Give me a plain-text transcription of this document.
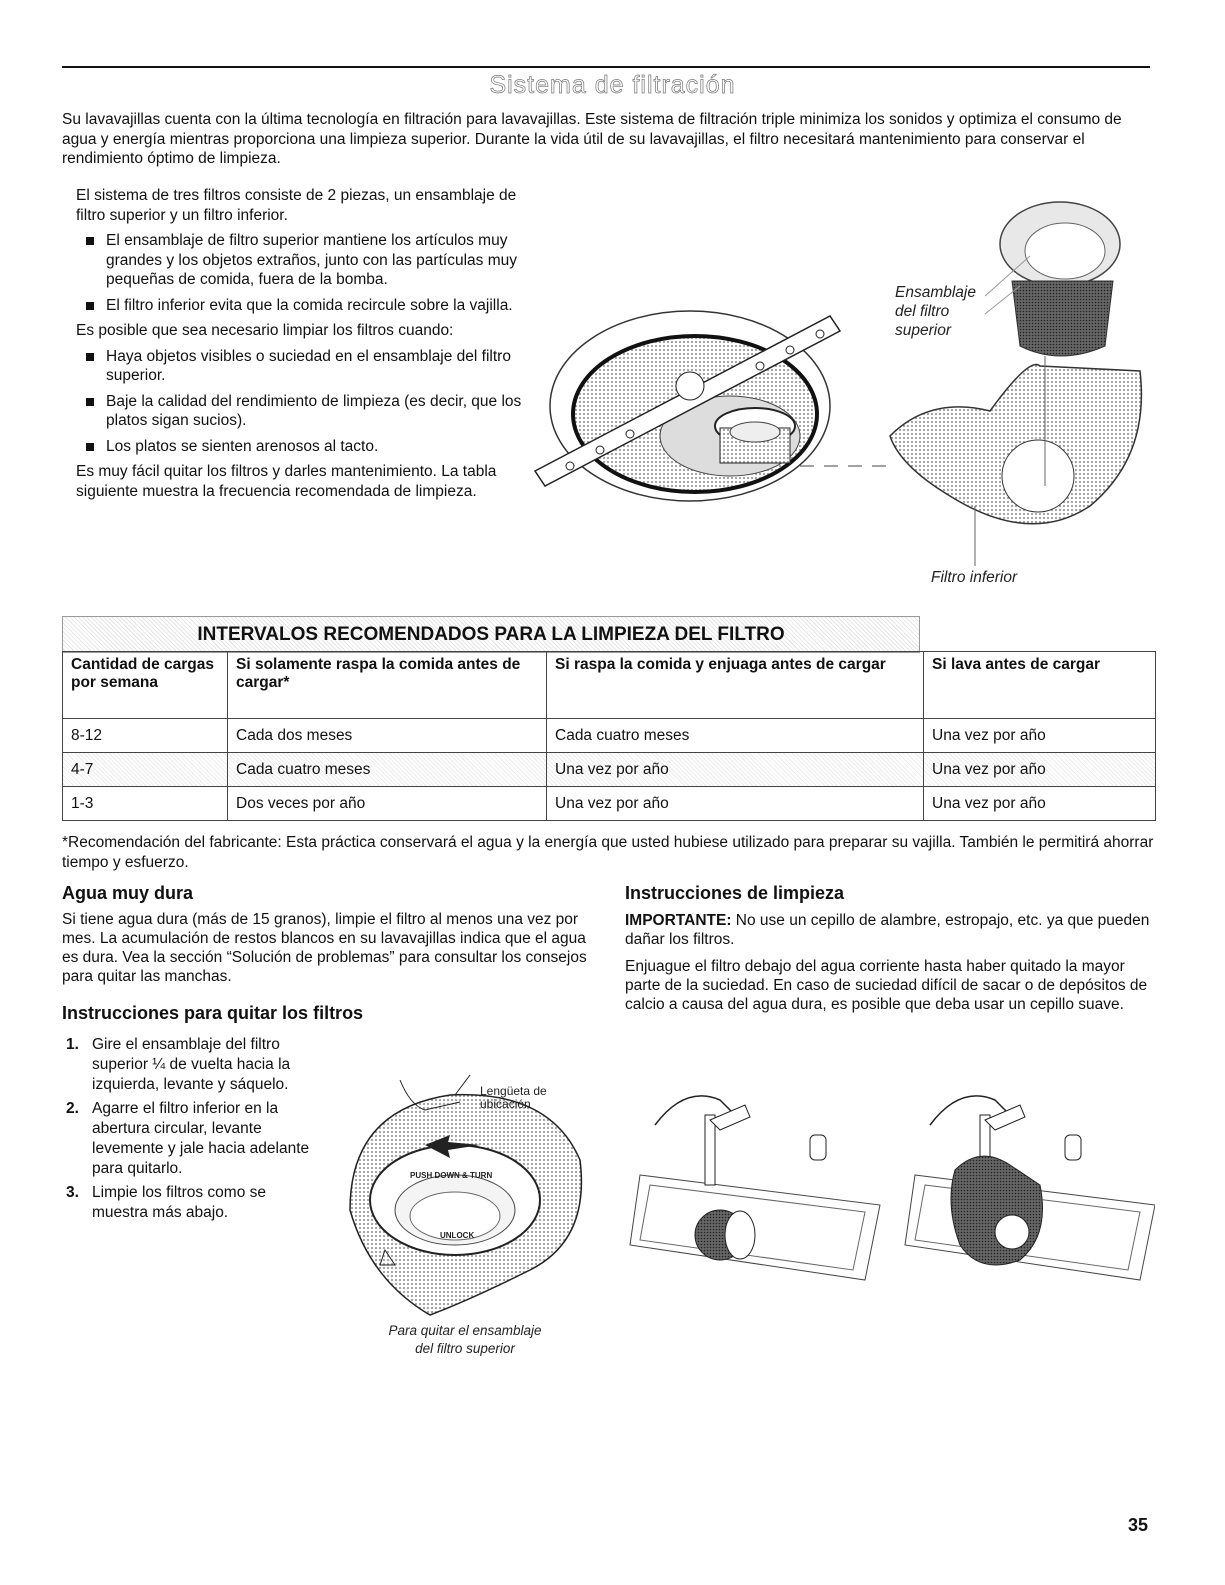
Sistema de filtración
Su lavavajillas cuenta con la última tecnología en filtración para lavavajillas. Este sistema de filtración triple minimiza los sonidos y optimiza el consumo de agua y energía mientras proporciona una limpieza superior. Durante la vida útil de su lavavajillas, el filtro necesitará mantenimiento para conservar el rendimiento óptimo de limpieza.

El sistema de tres filtros consiste de 2 piezas, un ensamblaje de filtro superior y un filtro inferior.

El ensamblaje de filtro superior mantiene los artículos muy grandes y los objetos extraños, junto con las partículas muy pequeñas de comida, fuera de la bomba.
El filtro inferior evita que la comida recircule sobre la vajilla.

Es posible que sea necesario limpiar los filtros cuando:

Haya objetos visibles o suciedad en el ensamblaje del filtro superior.
Baje la calidad del rendimiento de limpieza (es decir, que los platos sigan sucios).
Los platos se sienten arenosos al tacto.

Es muy fácil quitar los filtros y darles mantenimiento. La tabla siguiente muestra la frecuencia recomendada de limpieza.

Ensamblaje
del filtro
superior
Filtro inferior
INTERVALOS RECOMENDADOS PARA LA LIMPIEZA DEL FILTRO
Cantidad de cargas por semana	Si solamente raspa la comida antes de cargar*	Si raspa la comida y enjuaga antes de cargar	Si lava antes de cargar
8-12	Cada dos meses	Cada cuatro meses	Una vez por año
4-7	Cada cuatro meses	Una vez por año	Una vez por año
1-3	Dos veces por año	Una vez por año	Una vez por año
*Recomendación del fabricante: Esta práctica conservará el agua y la energía que usted hubiese utilizado para preparar su vajilla. También le permitirá ahorrar tiempo y esfuerzo.
Agua muy dura
Si tiene agua dura (más de 15 granos), limpie el filtro al menos una vez por mes. La acumulación de restos blancos en su lavavajillas indica que el agua es dura. Vea la sección “Solución de problemas” para consultar los consejos para quitar las manchas.
Instrucciones para quitar los filtros
1. Gire el ensamblaje del filtro superior ¼ de vuelta hacia la izquierda, levante y sáquelo.
2. Agarre el filtro inferior en la abertura circular, levante levemente y jale hacia adelante para quitarlo.
3. Limpie los filtros como se muestra más abajo.
PUSH DOWN & TURN
UNLOCK
Lengüeta de
ubicación
Para quitar el ensamblaje
del filtro superior
Instrucciones de limpieza
IMPORTANTE: No use un cepillo de alambre, estropajo, etc. ya que pueden dañar los filtros.
Enjuague el filtro debajo del agua corriente hasta haber quitado la mayor parte de la suciedad. En caso de suciedad difícil de sacar o de depósitos de calcio a causa del agua dura, es posible que deba usar un cepillo suave.
35
